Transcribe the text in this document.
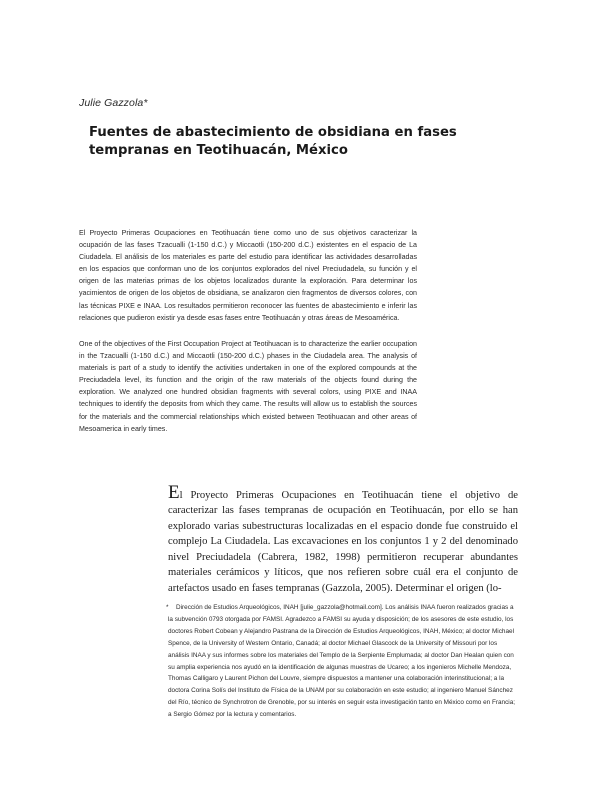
Julie Gazzola*
Fuentes de abastecimiento de obsidiana en fases tempranas en Teotihuacán, México

El Proyecto Primeras Ocupaciones en Teotihuacán tiene como uno de sus objetivos caracterizar la ocupación de las fases Tzacualli (1-150 d.C.) y Miccaotli (150-200 d.C.) existentes en el espacio de La Ciudadela. El análisis de los materiales es parte del estudio para identificar las actividades desarrolladas en los espacios que conforman uno de los conjuntos explorados del nivel Preciudadela, su función y el origen de las materias primas de los objetos localizados durante la exploración. Para determinar los yacimientos de origen de los objetos de obsidiana, se analizaron cien fragmentos de diversos colores, con las técnicas PIXE e INAA. Los resultados permitieron reconocer las fuentes de abastecimiento e inferir las relaciones que pudieron existir ya desde esas fases entre Teotihuacán y otras áreas de Mesoamérica.

One of the objectives of the First Occupation Project at Teotihuacan is to characterize the earlier occupation in the Tzacualli (1-150 d.C.) and Miccaotli (150-200 d.C.) phases in the Ciudadela area. The analysis of materials is part of a study to identify the activities undertaken in one of the explored compounds at the Preciudadela level, its function and the origin of the raw materials of the objects found during the exploration. We analyzed one hundred obsidian fragments with several colors, using PIXE and INAA techniques to identify the deposits from which they came. The results will allow us to establish the sources for the materials and the commercial relationships which existed between Teotihuacan and other areas of Mesoamerica in early times.

El Proyecto Primeras Ocupaciones en Teotihuacán tiene el objetivo de caracterizar las fases tempranas de ocupación en Teotihuacán, por ello se han explorado varias subestructuras localizadas en el espacio donde fue construido el complejo La Ciudadela. Las excavaciones en los conjuntos 1 y 2 del denominado nivel Preciudadela (Cabrera, 1982, 1998) permitieron recuperar abundantes materiales cerámicos y líticos, que nos refieren sobre cuál era el conjunto de artefactos usado en fases tempranas (Gazzola, 2005). Determinar el origen (lo-

* Dirección de Estudios Arqueológicos, INAH [julie_gazzola@hotmail.com]. Los análisis INAA fueron realizados gracias a la subvención 0793 otorgada por FAMSI. Agradezco a FAMSI su ayuda y disposición; de los asesores de este estudio, los doctores Robert Cobean y Alejandro Pastrana de la Dirección de Estudios Arqueológicos, INAH, México; al doctor Michael Spence, de la University of Western Ontario, Canadá; al doctor Michael Glascock de la University of Missouri por los análisis INAA y sus informes sobre los materiales del Templo de la Serpiente Emplumada; al doctor Dan Healan quien con su amplia experiencia nos ayudó en la identificación de algunas muestras de Ucareo; a los ingenieros Michelle Mendoza, Thomas Calligaro y Laurent Pichon del Louvre, siempre dispuestos a mantener una colaboración interinstitucional; a la doctora Corina Solís del Instituto de Física de la UNAM por su colaboración en este estudio; al ingeniero Manuel Sánchez del Río, técnico de Synchrotron de Grenoble, por su interés en seguir esta investigación tanto en México como en Francia; a Sergio Gómez por la lectura y comentarios.
